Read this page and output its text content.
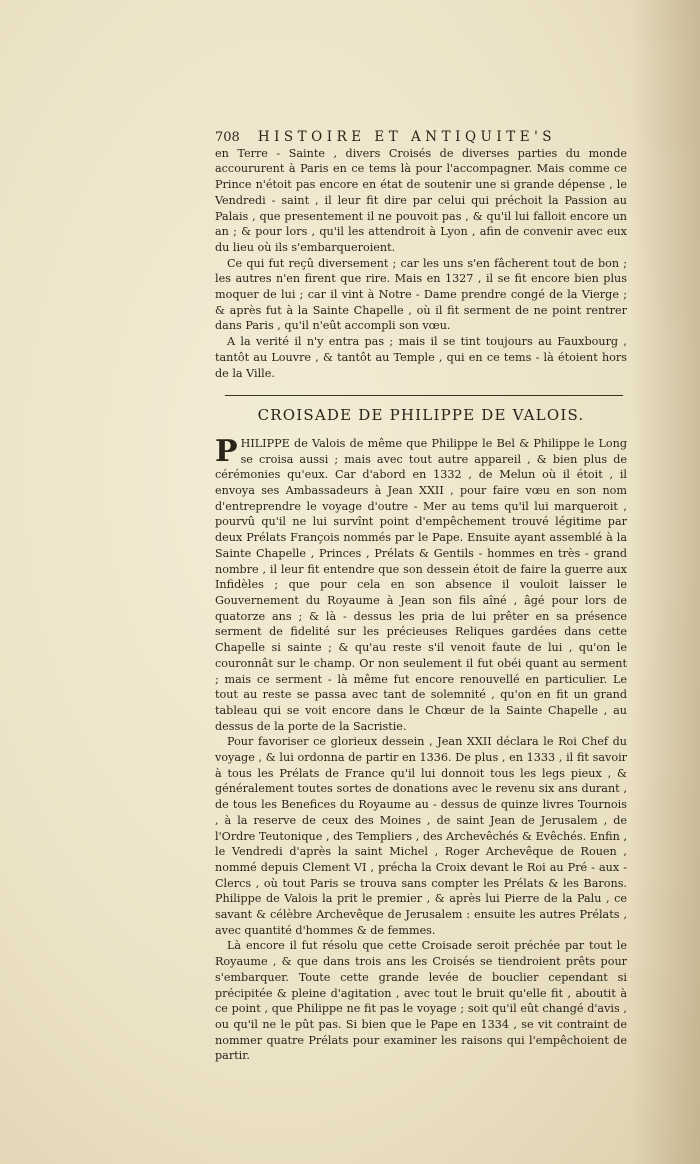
708 HISTOIRE ET ANTIQUITE'S

en Terre - Sainte , divers Croisés de diverses parties du monde accoururent à Paris en ce tems là pour l'accompagner. Mais comme ce Prince n'étoit pas encore en état de soutenir une si grande dépense , le Vendredi - saint , il leur fit dire par celui qui préchoit la Passion au Palais , que presentement il ne pouvoit pas , & qu'il lui falloit encore un an ; & pour lors , qu'il les attendroit à Lyon , afin de convenir avec eux du lieu où ils s'embarqueroient.

Ce qui fut reçû diversement ; car les uns s'en fâcherent tout de bon ; les autres n'en firent que rire. Mais en 1327 , il se fit encore bien plus moquer de lui ; car il vint à Notre - Dame prendre congé de la Vierge ; & après fut à la Sainte Chapelle , où il fit serment de ne point rentrer dans Paris , qu'il n'eût accompli son vœu.

A la verité il n'y entra pas ; mais il se tint toujours au Fauxbourg , tantôt au Louvre , & tantôt au Temple , qui en ce tems - là étoient hors de la Ville.

CROISADE DE PHILIPPE DE VALOIS.

PHILIPPE de Valois de même que Philippe le Bel & Philippe le Long se croisa aussi ; mais avec tout autre appareil , & bien plus de cérémonies qu'eux. Car d'abord en 1332 , de Melun où il étoit , il envoya ses Ambassadeurs à Jean XXII , pour faire vœu en son nom d'entreprendre le voyage d'outre - Mer au tems qu'il lui marqueroit , pourvû qu'il ne lui survînt point d'empêchement trouvé légitime par deux Prélats François nommés par le Pape. Ensuite ayant assemblé à la Sainte Chapelle , Princes , Prélats & Gentils - hommes en très - grand nombre , il leur fit entendre que son dessein étoit de faire la guerre aux Infidèles ; que pour cela en son absence il vouloit laisser le Gouvernement du Royaume à Jean son fils aîné , âgé pour lors de quatorze ans ; & là - dessus les pria de lui prêter en sa présence serment de fidelité sur les précieuses Reliques gardées dans cette Chapelle si sainte ; & qu'au reste s'il venoit faute de lui , qu'on le couronnât sur le champ. Or non seulement il fut obéi quant au serment ; mais ce serment - là même fut encore renouvellé en particulier. Le tout au reste se passa avec tant de solemnité , qu'on en fit un grand tableau qui se voit encore dans le Chœur de la Sainte Chapelle , au dessus de la porte de la Sacristie.

Pour favoriser ce glorieux dessein , Jean XXII déclara le Roi Chef du voyage , & lui ordonna de partir en 1336. De plus , en 1333 , il fit savoir à tous les Prélats de France qu'il lui donnoit tous les legs pieux , & généralement toutes sortes de donations avec le revenu six ans durant , de tous les Benefices du Royaume au - dessus de quinze livres Tournois , à la reserve de ceux des Moines , de saint Jean de Jerusalem , de l'Ordre Teutonique , des Templiers , des Archevêchés & Evêchés. Enfin , le Vendredi d'après la saint Michel , Roger Archevêque de Rouen , nommé depuis Clement VI , précha la Croix devant le Roi au Pré - aux - Clercs , où tout Paris se trouva sans compter les Prélats & les Barons. Philippe de Valois la prit le premier , & après lui Pierre de la Palu , ce savant & célèbre Archevêque de Jerusalem : ensuite les autres Prélats , avec quantité d'hommes & de femmes.

Là encore il fut résolu que cette Croisade seroit préchée par tout le Royaume , & que dans trois ans les Croisés se tiendroient prêts pour s'embarquer. Toute cette grande levée de bouclier cependant si précipitée & pleine d'agitation , avec tout le bruit qu'elle fit , aboutit à ce point , que Philippe ne fit pas le voyage ; soit qu'il eût changé d'avis , ou qu'il ne le pût pas. Si bien que le Pape en 1334 , se vit contraint de nommer quatre Prélats pour examiner les raisons qui l'empêchoient de partir.
